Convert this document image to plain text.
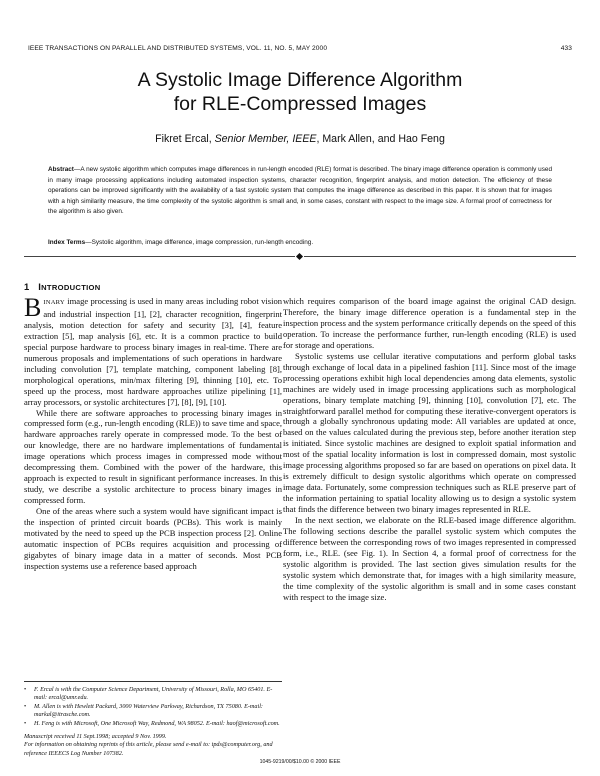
IEEE TRANSACTIONS ON PARALLEL AND DISTRIBUTED SYSTEMS, VOL. 11, NO. 5, MAY 2000	433
A Systolic Image Difference Algorithm
for RLE-Compressed Images
Fikret Ercal, Senior Member, IEEE, Mark Allen, and Hao Feng
Abstract—A new systolic algorithm which computes image differences in run-length encoded (RLE) format is described. The binary image difference operation is commonly used in many image processing applications including automated inspection systems, character recognition, fingerprint analysis, and motion detection. The efficiency of these operations can be improved significantly with the availability of a fast systolic system that computes the image difference as described in this paper. It is shown that for images with a high similarity measure, the time complexity of the systolic algorithm is small and, in some cases, constant with respect to the image size. A formal proof of correctness for the algorithm is also given.
Index Terms—Systolic algorithm, image difference, image compression, run-length encoding.
1 INTRODUCTION

BINARY image processing is used in many areas including robot vision and industrial inspection [1], [2], character recognition, fingerprint analysis, motion detection for safety and security [3], [4], feature extraction [5], map analysis [6], etc. It is a common practice to build special purpose hardware to process binary images in real-time. There are numerous proposals and implementations of such operations in hardware including convolution [7], template matching, component labeling [8], morphological operations, min/max filtering [9], thinning [10], etc. To speed up the process, most hardware approaches utilize pipelining [1], array processors, or systolic architectures [7], [8], [9], [10].

While there are software approaches to processing binary images in compressed form (e.g., run-length encoding (RLE)) to save time and space, hardware approaches rarely operate in compressed mode. To the best of our knowledge, there are no hardware implementations of fundamental image operations which process images in compressed mode without decompressing them. Combined with the power of the hardware, this approach is expected to result in significant performance increases. In this study, we describe a systolic architecture to process binary images in compressed form.

One of the areas where such a system would have significant impact is the inspection of printed circuit boards (PCBs). This work is mainly motivated by the need to speed up the PCB inspection process [2]. Online automatic inspection of PCBs requires acquisition and processing of gigabytes of binary image data in a matter of seconds. Most PCB inspection systems use a reference based approach

which requires comparison of the board image against the original CAD design. Therefore, the binary image difference operation is a fundamental step in the inspection process and the system performance critically depends on the speed of this operation. To increase the performance further, run-length encoding (RLE) is used for storage and operations.

Systolic systems use cellular iterative computations and perform global tasks through exchange of local data in a pipelined fashion [11]. Since most of the image processing operations exhibit high local dependencies among data elements, systolic machines are widely used in image processing applications such as morphological operations, binary template matching [9], thinning [10], convolution [7], etc. The straightforward parallel method for computing these iterative-convergent operators is through a globally synchronous updating mode: All variables are updated at once, based on the values calculated during the previous step, before another iteration step is initiated. Since systolic machines are designed to exploit spatial information and most of the spatial locality information is lost in compressed domain, most systolic image processing algorithms proposed so far are based on operations on pixel data. It is extremely difficult to design systolic algorithms which operate on compressed image data. Fortunately, some compression techniques such as RLE preserve part of the information pertaining to spatial locality allowing us to design a systolic system that finds the difference between two binary images represented in RLE.

In the next section, we elaborate on the RLE-based image difference algorithm. The following sections describe the parallel systolic system which computes the difference between the corresponding rows of two images represented in compressed form, i.e., RLE. (see Fig. 1). In Section 4, a formal proof of correctness for the systolic algorithm is provided. The last section gives simulation results for the systolic system which demonstrate that, for images with a high similarity measure, the time complexity of the systolic algorithm is small and in some cases constant with respect to the image size.

• F. Ercal is with the Computer Science Department, University of Missouri, Rolla, MO 65401. E-mail: ercal@umr.edu.
• M. Allen is with Hewlett Packard, 3000 Waterview Parkway, Richardson, TX 75080. E-mail: markal@itrasche.com.
• H. Feng is with Microsoft, One Microsoft Way, Redmond, WA 98052. E-mail: haof@microsoft.com.
Manuscript received 11 Sept.1998; accepted 9 Nov. 1999.
For information on obtaining reprints of this article, please send e-mail to: tpds@computer.org, and reference IEEECS Log Number 107382.
1045-9219/00/$10.00 © 2000 IEEE
